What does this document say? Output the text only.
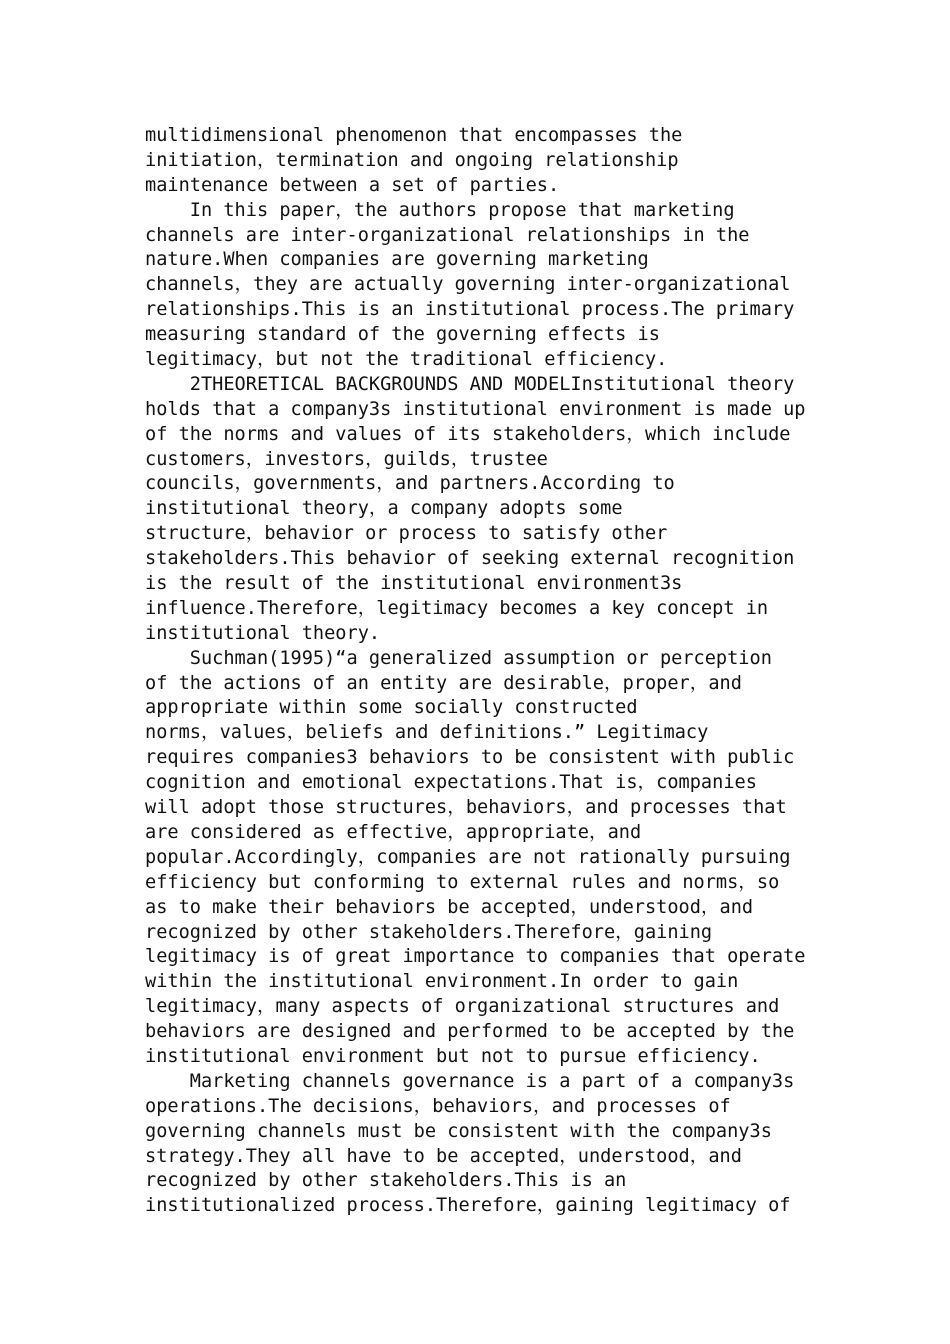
multidimensional phenomenon that encompasses the
initiation，termination and ongoing relationship
maintenance between a set of parties.
In this paper，the authors propose that marketing
channels are inter-organizational relationships in the
nature.When companies are governing marketing
channels，they are actually governing inter-organizational
relationships.This is an institutional process.The primary
measuring standard of the governing effects is
legitimacy，but not the traditional efficiency.
2THEORETICAL BACKGROUNDS AND MODELInstitutional theory
holds that a company3s institutional environment is made up
of the norms and values of its stakeholders，which include
customers，investors，guilds，trustee
councils，governments，and partners.According to
institutional theory，a company adopts some
structure，behavior or process to satisfy other
stakeholders.This behavior of seeking external recognition
is the result of the institutional environment3s
influence.Therefore，legitimacy becomes a key concept in
institutional theory.
Suchman(1995)“a generalized assumption or perception
of the actions of an entity are desirable，proper，and
appropriate within some socially constructed
norms，values，beliefs and definitions.” Legitimacy
requires companies3 behaviors to be consistent with public
cognition and emotional expectations.That is，companies
will adopt those structures，behaviors，and processes that
are considered as effective，appropriate，and
popular.Accordingly，companies are not rationally pursuing
efficiency but conforming to external rules and norms，so
as to make their behaviors be accepted，understood，and
recognized by other stakeholders.Therefore，gaining
legitimacy is of great importance to companies that operate
within the institutional environment.In order to gain
legitimacy，many aspects of organizational structures and
behaviors are designed and performed to be accepted by the
institutional environment but not to pursue efficiency.
Marketing channels governance is a part of a company3s
operations.The decisions，behaviors，and processes of
governing channels must be consistent with the company3s
strategy.They all have to be accepted，understood，and
recognized by other stakeholders.This is an
institutionalized process.Therefore，gaining legitimacy of
